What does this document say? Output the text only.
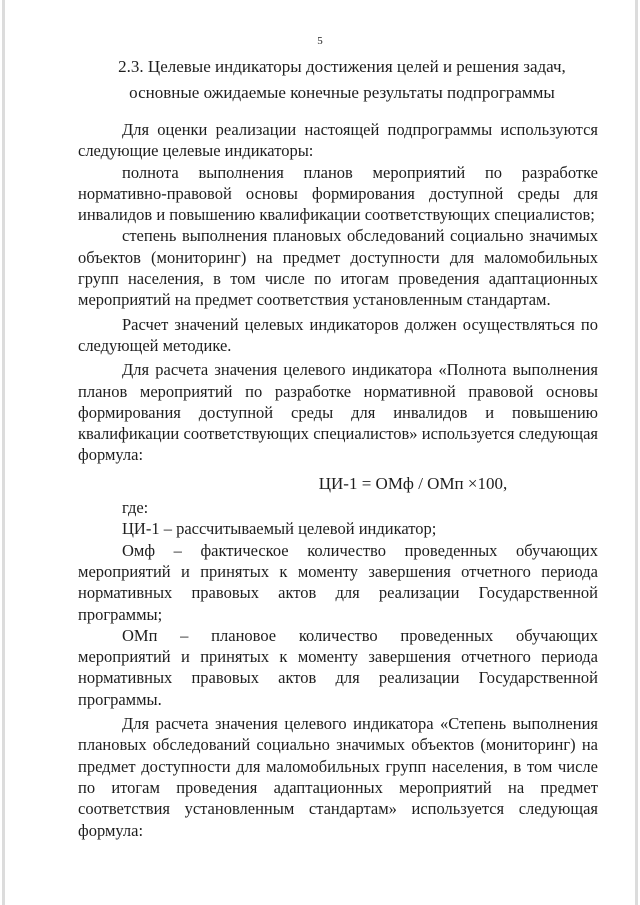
5
2.3. Целевые индикаторы достижения целей и решения задач, основные ожидаемые конечные результаты подпрограммы

Для оценки реализации настоящей подпрограммы используются следующие целевые индикаторы:

полнота выполнения планов мероприятий по разработке нормативно-правовой основы формирования доступной среды для инвалидов и повышению квалификации соответствующих специалистов;

степень выполнения плановых обследований социально значимых объектов (мониторинг) на предмет доступности для маломобильных групп населения, в том числе по итогам проведения адаптационных мероприятий на предмет соответствия установленным стандартам.

Расчет значений целевых индикаторов должен осуществляться по следующей методике.

Для расчета значения целевого индикатора «Полнота выполнения планов мероприятий по разработке нормативной правовой основы формирования доступной среды для инвалидов и повышению квалификации соответствующих специалистов» используется следующая формула:

ЦИ-1 = ОМф / ОМп ×100,

где:

ЦИ-1 – рассчитываемый целевой индикатор;

Омф – фактическое количество проведенных обучающих мероприятий и принятых к моменту завершения отчетного периода нормативных правовых актов для реализации Государственной программы;

ОМп – плановое количество проведенных обучающих мероприятий и принятых к моменту завершения отчетного периода нормативных правовых актов для реализации Государственной программы.

Для расчета значения целевого индикатора «Степень выполнения плановых обследований социально значимых объектов (мониторинг) на предмет доступности для маломобильных групп населения, в том числе по итогам проведения адаптационных мероприятий на предмет соответствия установленным стандартам» используется следующая формула:
